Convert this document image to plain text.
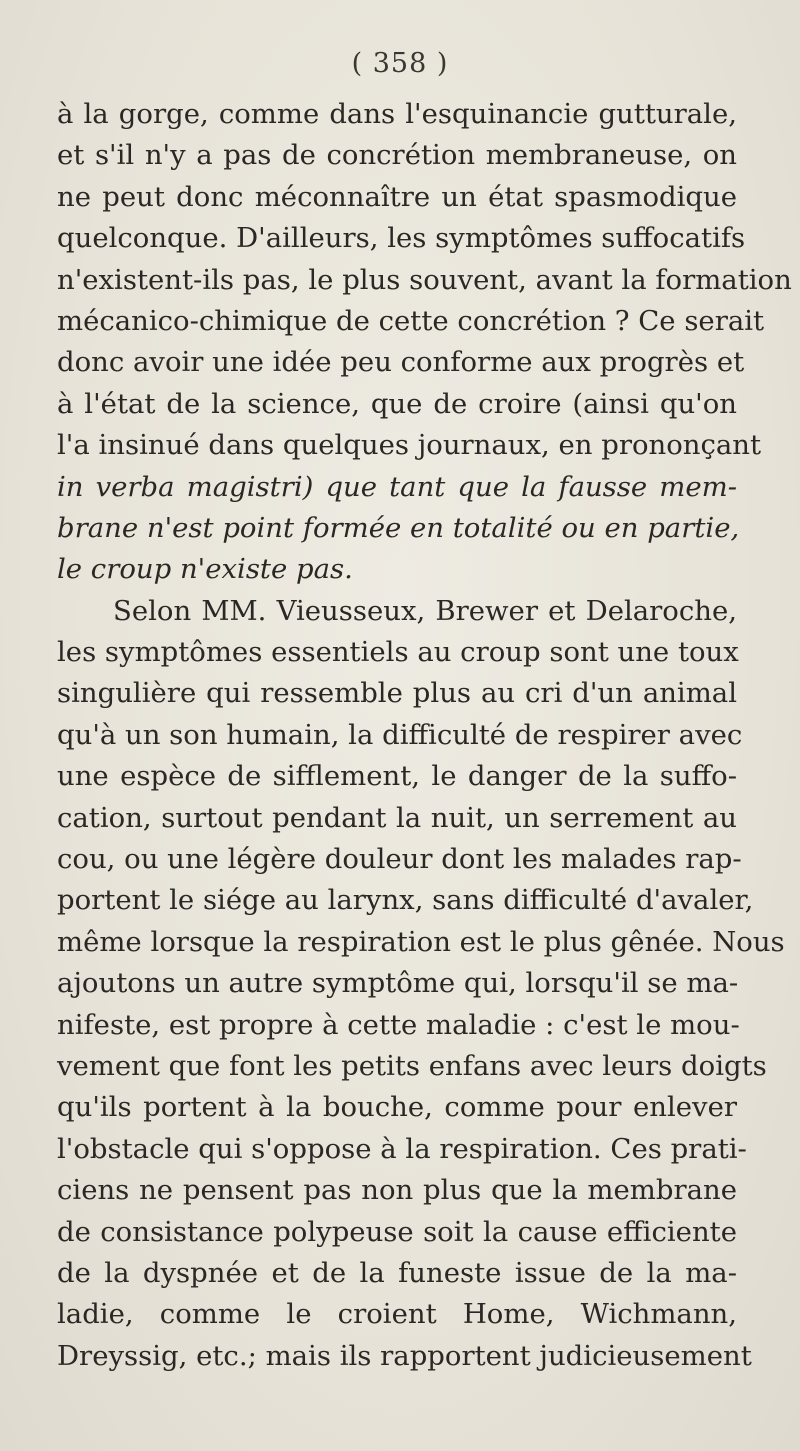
( 358 )
à la gorge, comme dans l'esquinancie gutturale,
et s'il n'y a pas de concrétion membraneuse, on
ne peut donc méconnaître un état spasmodique
quelconque. D'ailleurs, les symptômes suffocatifs
n'existent-ils pas, le plus souvent, avant la formation
mécanico-chimique de cette concrétion ? Ce serait
donc avoir une idée peu conforme aux progrès et
à l'état de la science, que de croire (ainsi qu'on
l'a insinué dans quelques journaux, en prononçant
in verba magistri) que tant que la fausse mem-
brane n'est point formée en totalité ou en partie,
le croup n'existe pas.
Selon MM. Vieusseux, Brewer et Delaroche,
les symptômes essentiels au croup sont une toux
singulière qui ressemble plus au cri d'un animal
qu'à un son humain, la difficulté de respirer avec
une espèce de sifflement, le danger de la suffo-
cation, surtout pendant la nuit, un serrement au
cou, ou une légère douleur dont les malades rap-
portent le siége au larynx, sans difficulté d'avaler,
même lorsque la respiration est le plus gênée. Nous
ajoutons un autre symptôme qui, lorsqu'il se ma-
nifeste, est propre à cette maladie : c'est le mou-
vement que font les petits enfans avec leurs doigts
qu'ils portent à la bouche, comme pour enlever
l'obstacle qui s'oppose à la respiration. Ces prati-
ciens ne pensent pas non plus que la membrane
de consistance polypeuse soit la cause efficiente
de la dyspnée et de la funeste issue de la ma-
ladie, comme le croient Home, Wichmann,
Dreyssig, etc.; mais ils rapportent judicieusement
